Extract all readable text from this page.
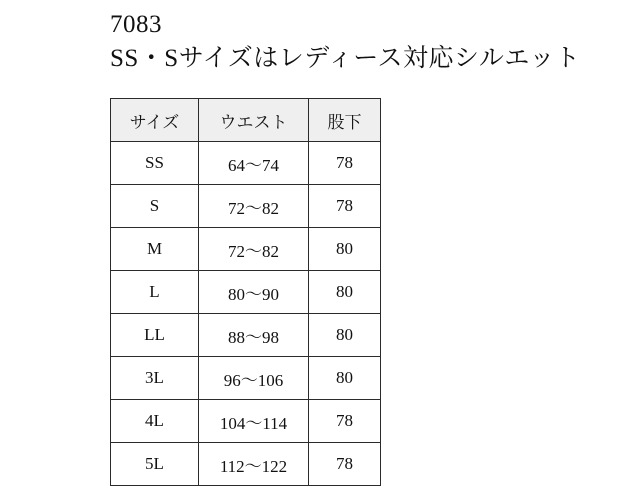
7083
SS・Sサイズはレディース対応シルエット
サイズ	ウエスト	股下
SS	64〜74	78
S	72〜82	78
M	72〜82	80
L	80〜90	80
LL	88〜98	80
3L	96〜106	80
4L	104〜114	78
5L	112〜122	78
